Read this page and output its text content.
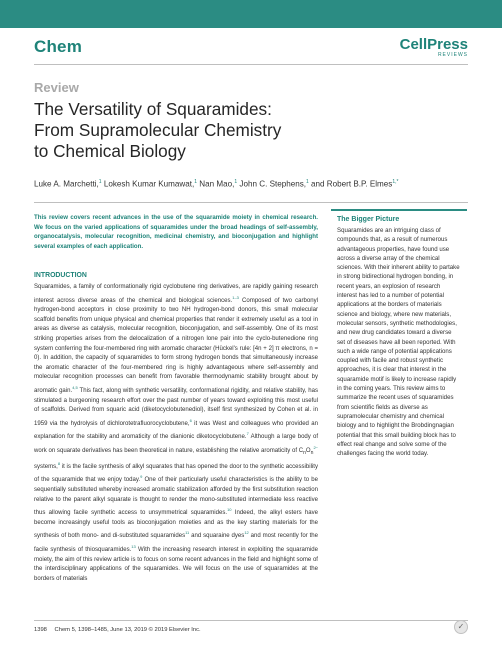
Chem	CellPress
REVIEWS
Review
The Versatility of Squaramides:
From Supramolecular Chemistry
to Chemical Biology
Luke A. Marchetti,$^1$ Lokesh Kumar Kumawat,$^1$ Nan Mao,$^1$ John C. Stephens,$^1$ and Robert B.P. Elmes$^{1,*}$
This review covers recent advances in the use of the squaramide moiety in chemical research. We focus on the varied applications of squaramides under the broad headings of self-assembly, organocatalysis, molecular recognition, medicinal chemistry, and bioconjugation and highlight several examples of each application.
INTRODUCTION

Squaramides, a family of conformationally rigid cyclobutene ring derivatives, are rapidly gaining research interest across diverse areas of the chemical and biological sciences.$^{1-3}$ Composed of two carbonyl hydrogen-bond acceptors in close proximity to two NH hydrogen-bond donors, this small molecular scaffold benefits from unique physical and chemical properties that render it extremely useful as a tool in areas as diverse as catalysis, molecular recognition, bioconjugation, and self-assembly. One of its most striking properties arises from the delocalization of a nitrogen lone pair into the cyclo-butenedione ring system conferring the four-membered ring with aromatic character (Hückel's rule: [4n + 2] π electrons, n = 0). In addition, the capacity of squaramides to form strong hydrogen bonds that simultaneously increase the aromatic character of the four-membered ring is highly advantageous where self-assembly and molecular recognition processes can benefit from favorable thermodynamic stability brought about by aromatic gain.$^{4,5}$ This fact, along with synthetic versatility, conformational rigidity, and relative stability, has stimulated a burgeoning research effort over the past number of years toward exploiting this most useful of scaffolds. Derived from squaric acid (diketocyclobutenediol), itself first synthesized by Cohen et al. in 1959 via the hydrolysis of dichlorotetrafluorocyclobutene,$^6$ it was West and colleagues who provided an explanation for the stability and aromaticity of the dianionic diketocyclobutene.$^7$ Although a large body of work on squarate derivatives has been theoretical in nature, establishing the relative aromaticity of $C_nO_n^{2-}$ systems,$^8$ it is the facile synthesis of alkyl squarates that has opened the door to the synthetic accessibility of the squaramide that we enjoy today.$^9$ One of their particularly useful characteristics is the ability to be sequentially substituted whereby increased aromatic stabilization afforded by the first substitution reaction relative to the parent alkyl squarate is thought to render the mono-substituted intermediate less reactive thus allowing facile synthetic access to unsymmetrical squaramides.$^{10}$ Indeed, the alkyl esters have become increasingly useful tools as bioconjugation moieties and as the key starting materials for the synthesis of both mono- and di-substituted squaramides$^{11}$ and squaraine dyes$^{12}$ and most recently for the facile synthesis of thiosquaramides.$^{13}$ With the increasing research interest in exploiting the squaramide moiety, the aim of this review article is to focus on some recent advances in the field and highlight some of the interdisciplinary applications of the squaramides. We will focus on the use of squaramides at the borders of materials

The Bigger Picture
Squaramides are an intriguing class of compounds that, as a result of numerous advantageous properties, have found use across a diverse array of the chemical sciences. With their inherent ability to partake in strong bidirectional hydrogen bonding, in recent years, an explosion of research interest has led to a number of potential applications at the borders of materials science and biology, where new materials, molecular sensors, synthetic methodologies, and new drug candidates toward a diverse set of diseases have all been reported. With such a wide range of potential applications coupled with facile and robust synthetic approaches, it is clear that interest in the squaramide motif is likely to increase rapidly in the coming years. This review aims to summarize the recent uses of squaramides from scientific fields as diverse as supramolecular chemistry and chemical biology and to highlight the Brobdingnagian potential that this small building block has to effect real change and solve some of the challenges facing the world today.
1398 Chem 5, 1398–1485, June 13, 2019 © 2019 Elsevier Inc.	✓
